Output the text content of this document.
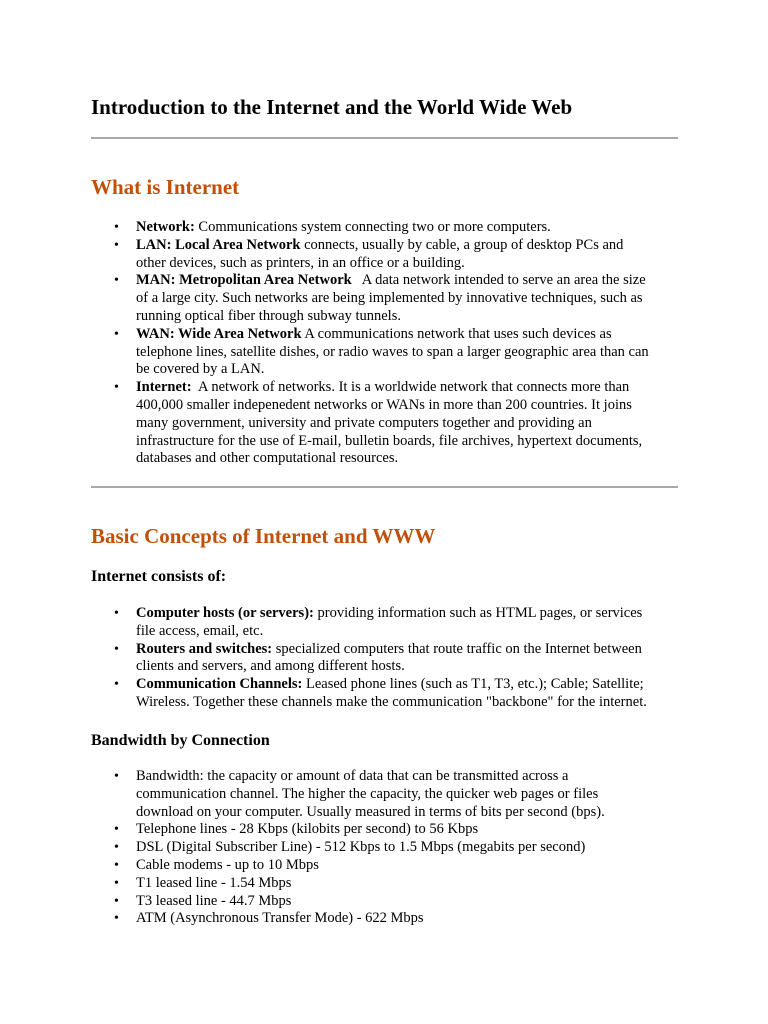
Introduction to the Internet and the World Wide Web
What is Internet
• Network: Communications system connecting two or more computers.
• LAN: Local Area Network connects, usually by cable, a group of desktop PCs and
other devices, such as printers, in an office or a building.
• MAN: Metropolitan Area Network A data network intended to serve an area the size
of a large city. Such networks are being implemented by innovative techniques, such as
running optical fiber through subway tunnels.
• WAN: Wide Area Network A communications network that uses such devices as
telephone lines, satellite dishes, or radio waves to span a larger geographic area than can
be covered by a LAN.
• Internet: A network of networks. It is a worldwide network that connects more than
400,000 smaller indepenedent networks or WANs in more than 200 countries. It joins
many government, university and private computers together and providing an
infrastructure for the use of E-mail, bulletin boards, file archives, hypertext documents,
databases and other computational resources.
Basic Concepts of Internet and WWW
Internet consists of:
• Computer hosts (or servers): providing information such as HTML pages, or services
file access, email, etc.
• Routers and switches: specialized computers that route traffic on the Internet between
clients and servers, and among different hosts.
• Communication Channels: Leased phone lines (such as T1, T3, etc.); Cable; Satellite;
Wireless. Together these channels make the communication "backbone" for the internet.
Bandwidth by Connection
• Bandwidth: the capacity or amount of data that can be transmitted across a
communication channel. The higher the capacity, the quicker web pages or files
download on your computer. Usually measured in terms of bits per second (bps).
• Telephone lines - 28 Kbps (kilobits per second) to 56 Kbps
• DSL (Digital Subscriber Line) - 512 Kbps to 1.5 Mbps (megabits per second)
• Cable modems - up to 10 Mbps
• T1 leased line - 1.54 Mbps
• T3 leased line - 44.7 Mbps
• ATM (Asynchronous Transfer Mode) - 622 Mbps
